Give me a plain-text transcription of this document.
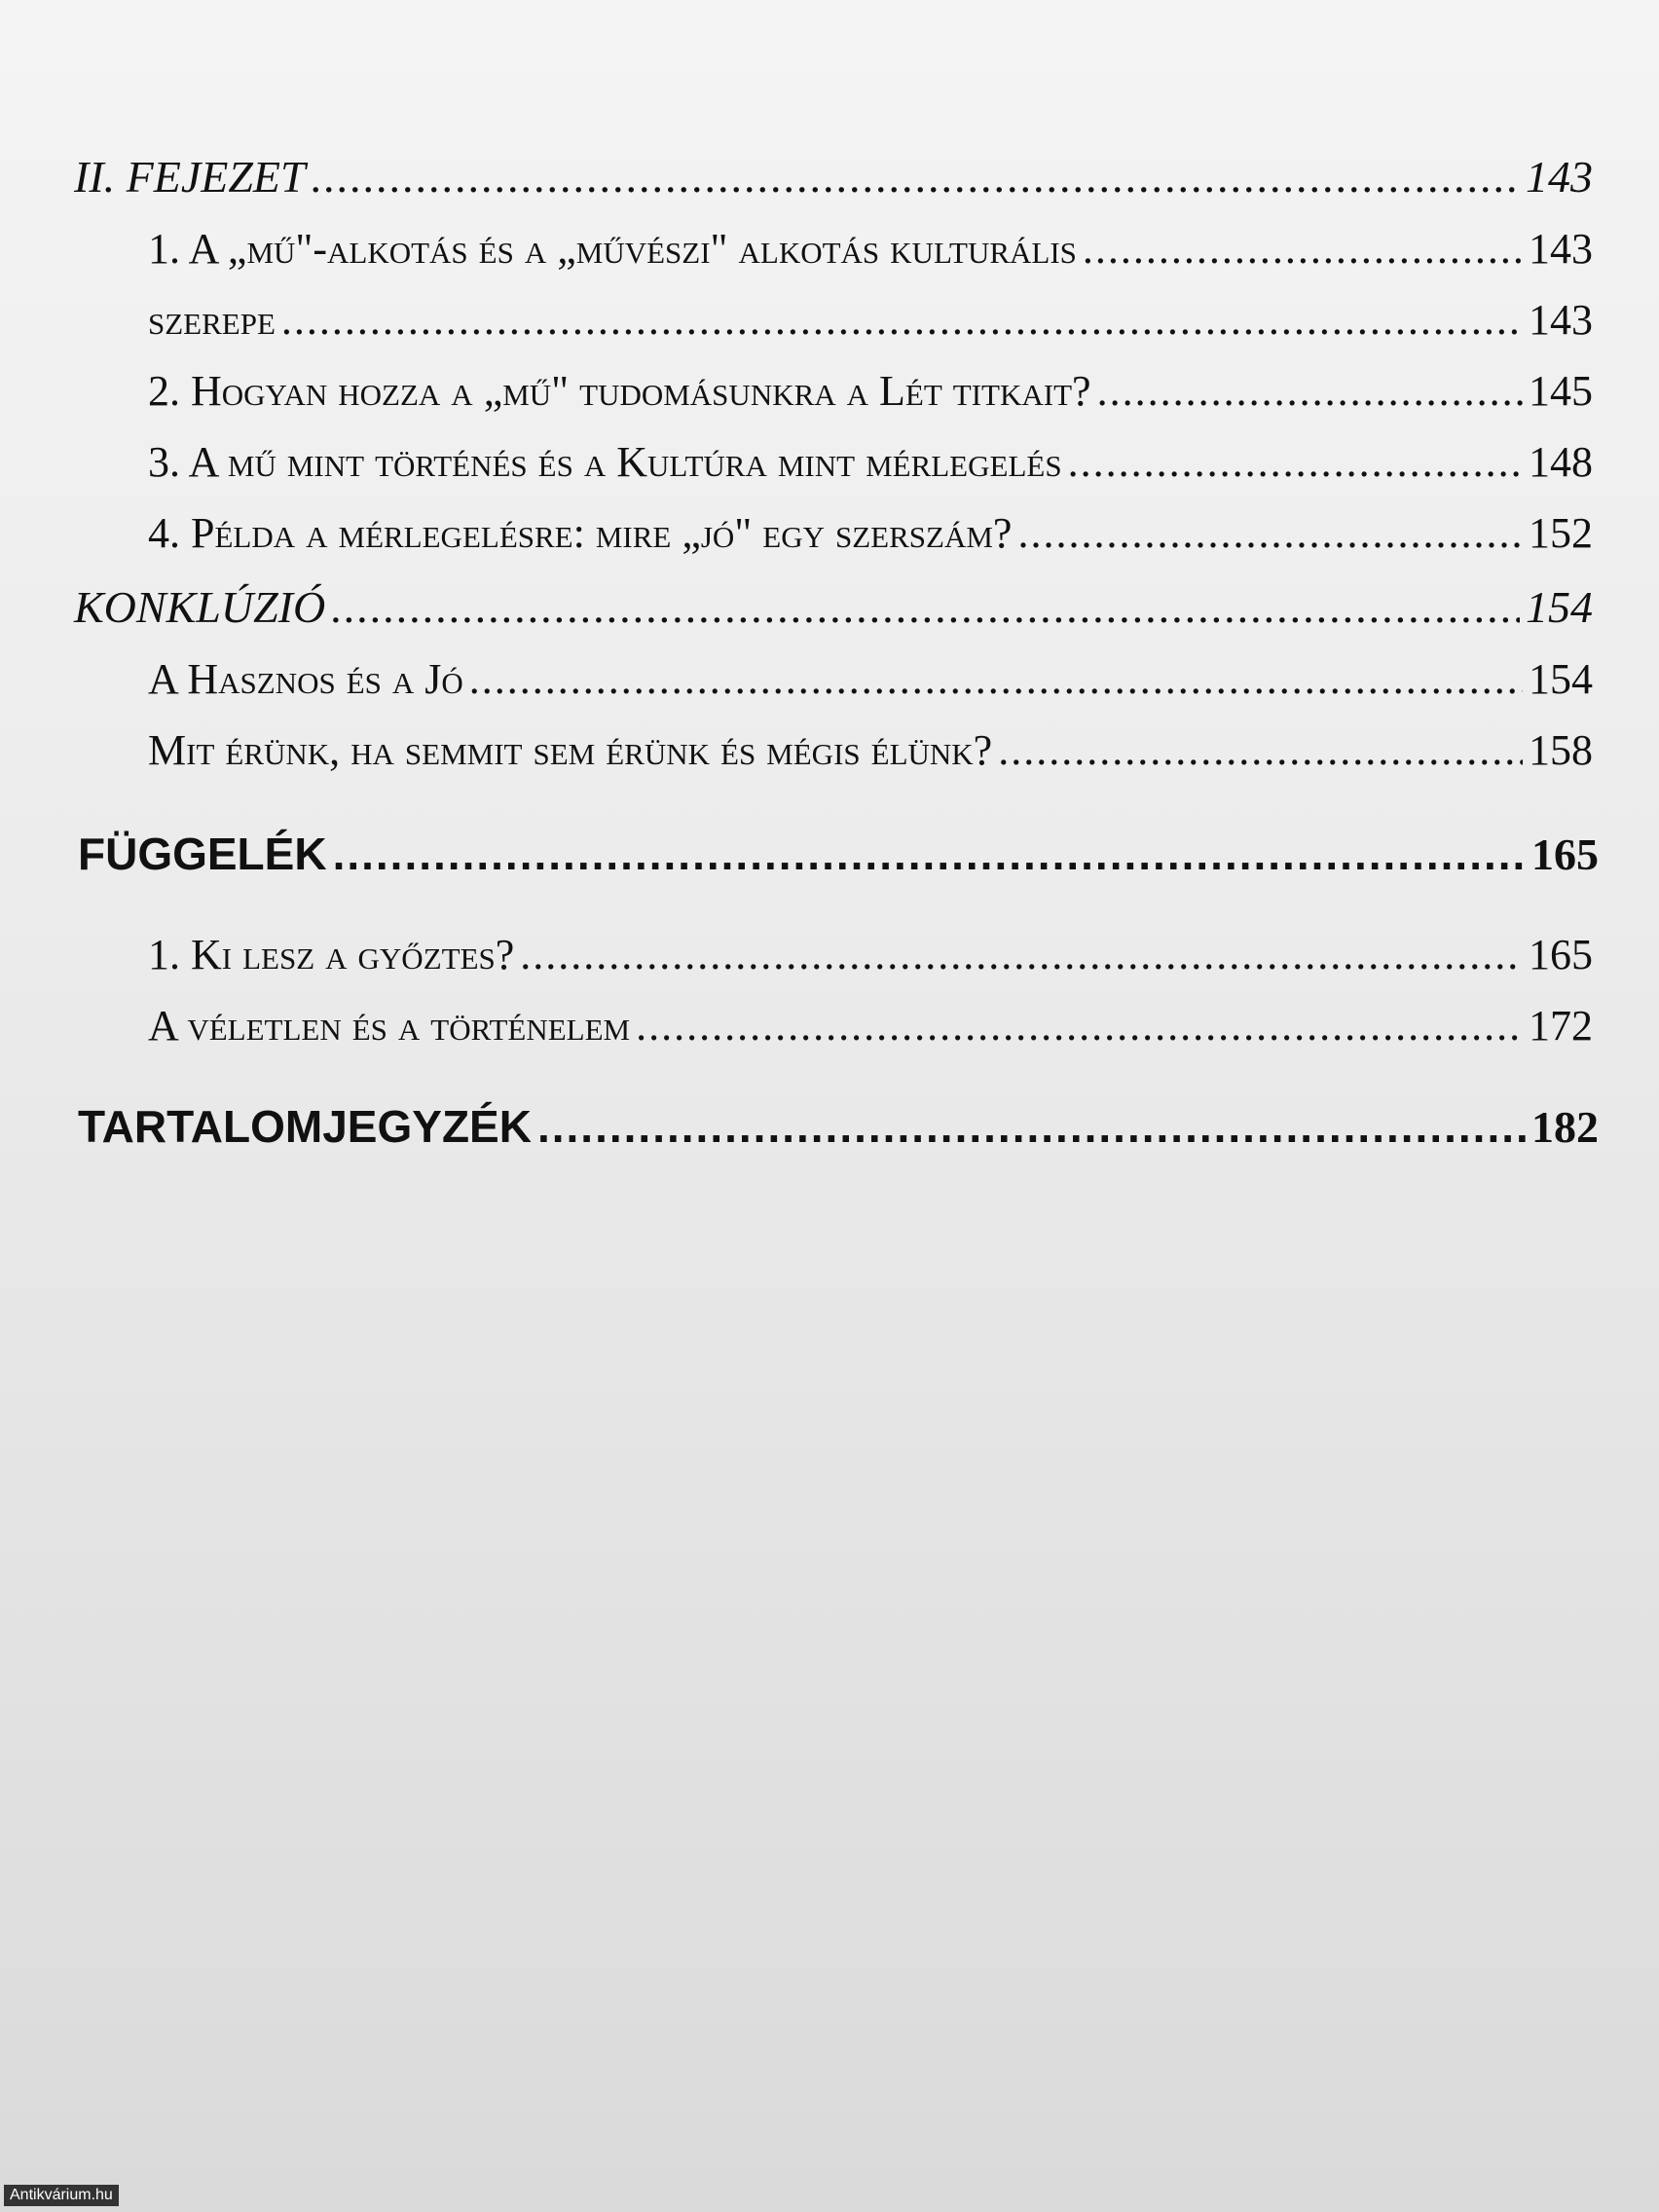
II. FEJEZET .....	143
1. A „mű"-alkotás és a „művészi" alkotás kulturális .....	143
szerepe .....	143
2. Hogyan hozza a „mű" tudomásunkra a Lét titkait? .....	145
3. A mű mint történés és a Kultúra mint mérlegelés .....	148
4. Példa a mérlegelésre: mire „jó" egy szerszám? .....	152
KONKLÚZIÓ .....	154
A Hasznos és a Jó .....	154
Mit érünk, ha semmit sem érünk és mégis élünk? .....	158
FÜGGELÉK .....	165
1. Ki lesz a győztes? .....	165
A véletlen és a történelem .....	172
TARTALOMJEGYZÉK .....	182
Antikvárium.hu
